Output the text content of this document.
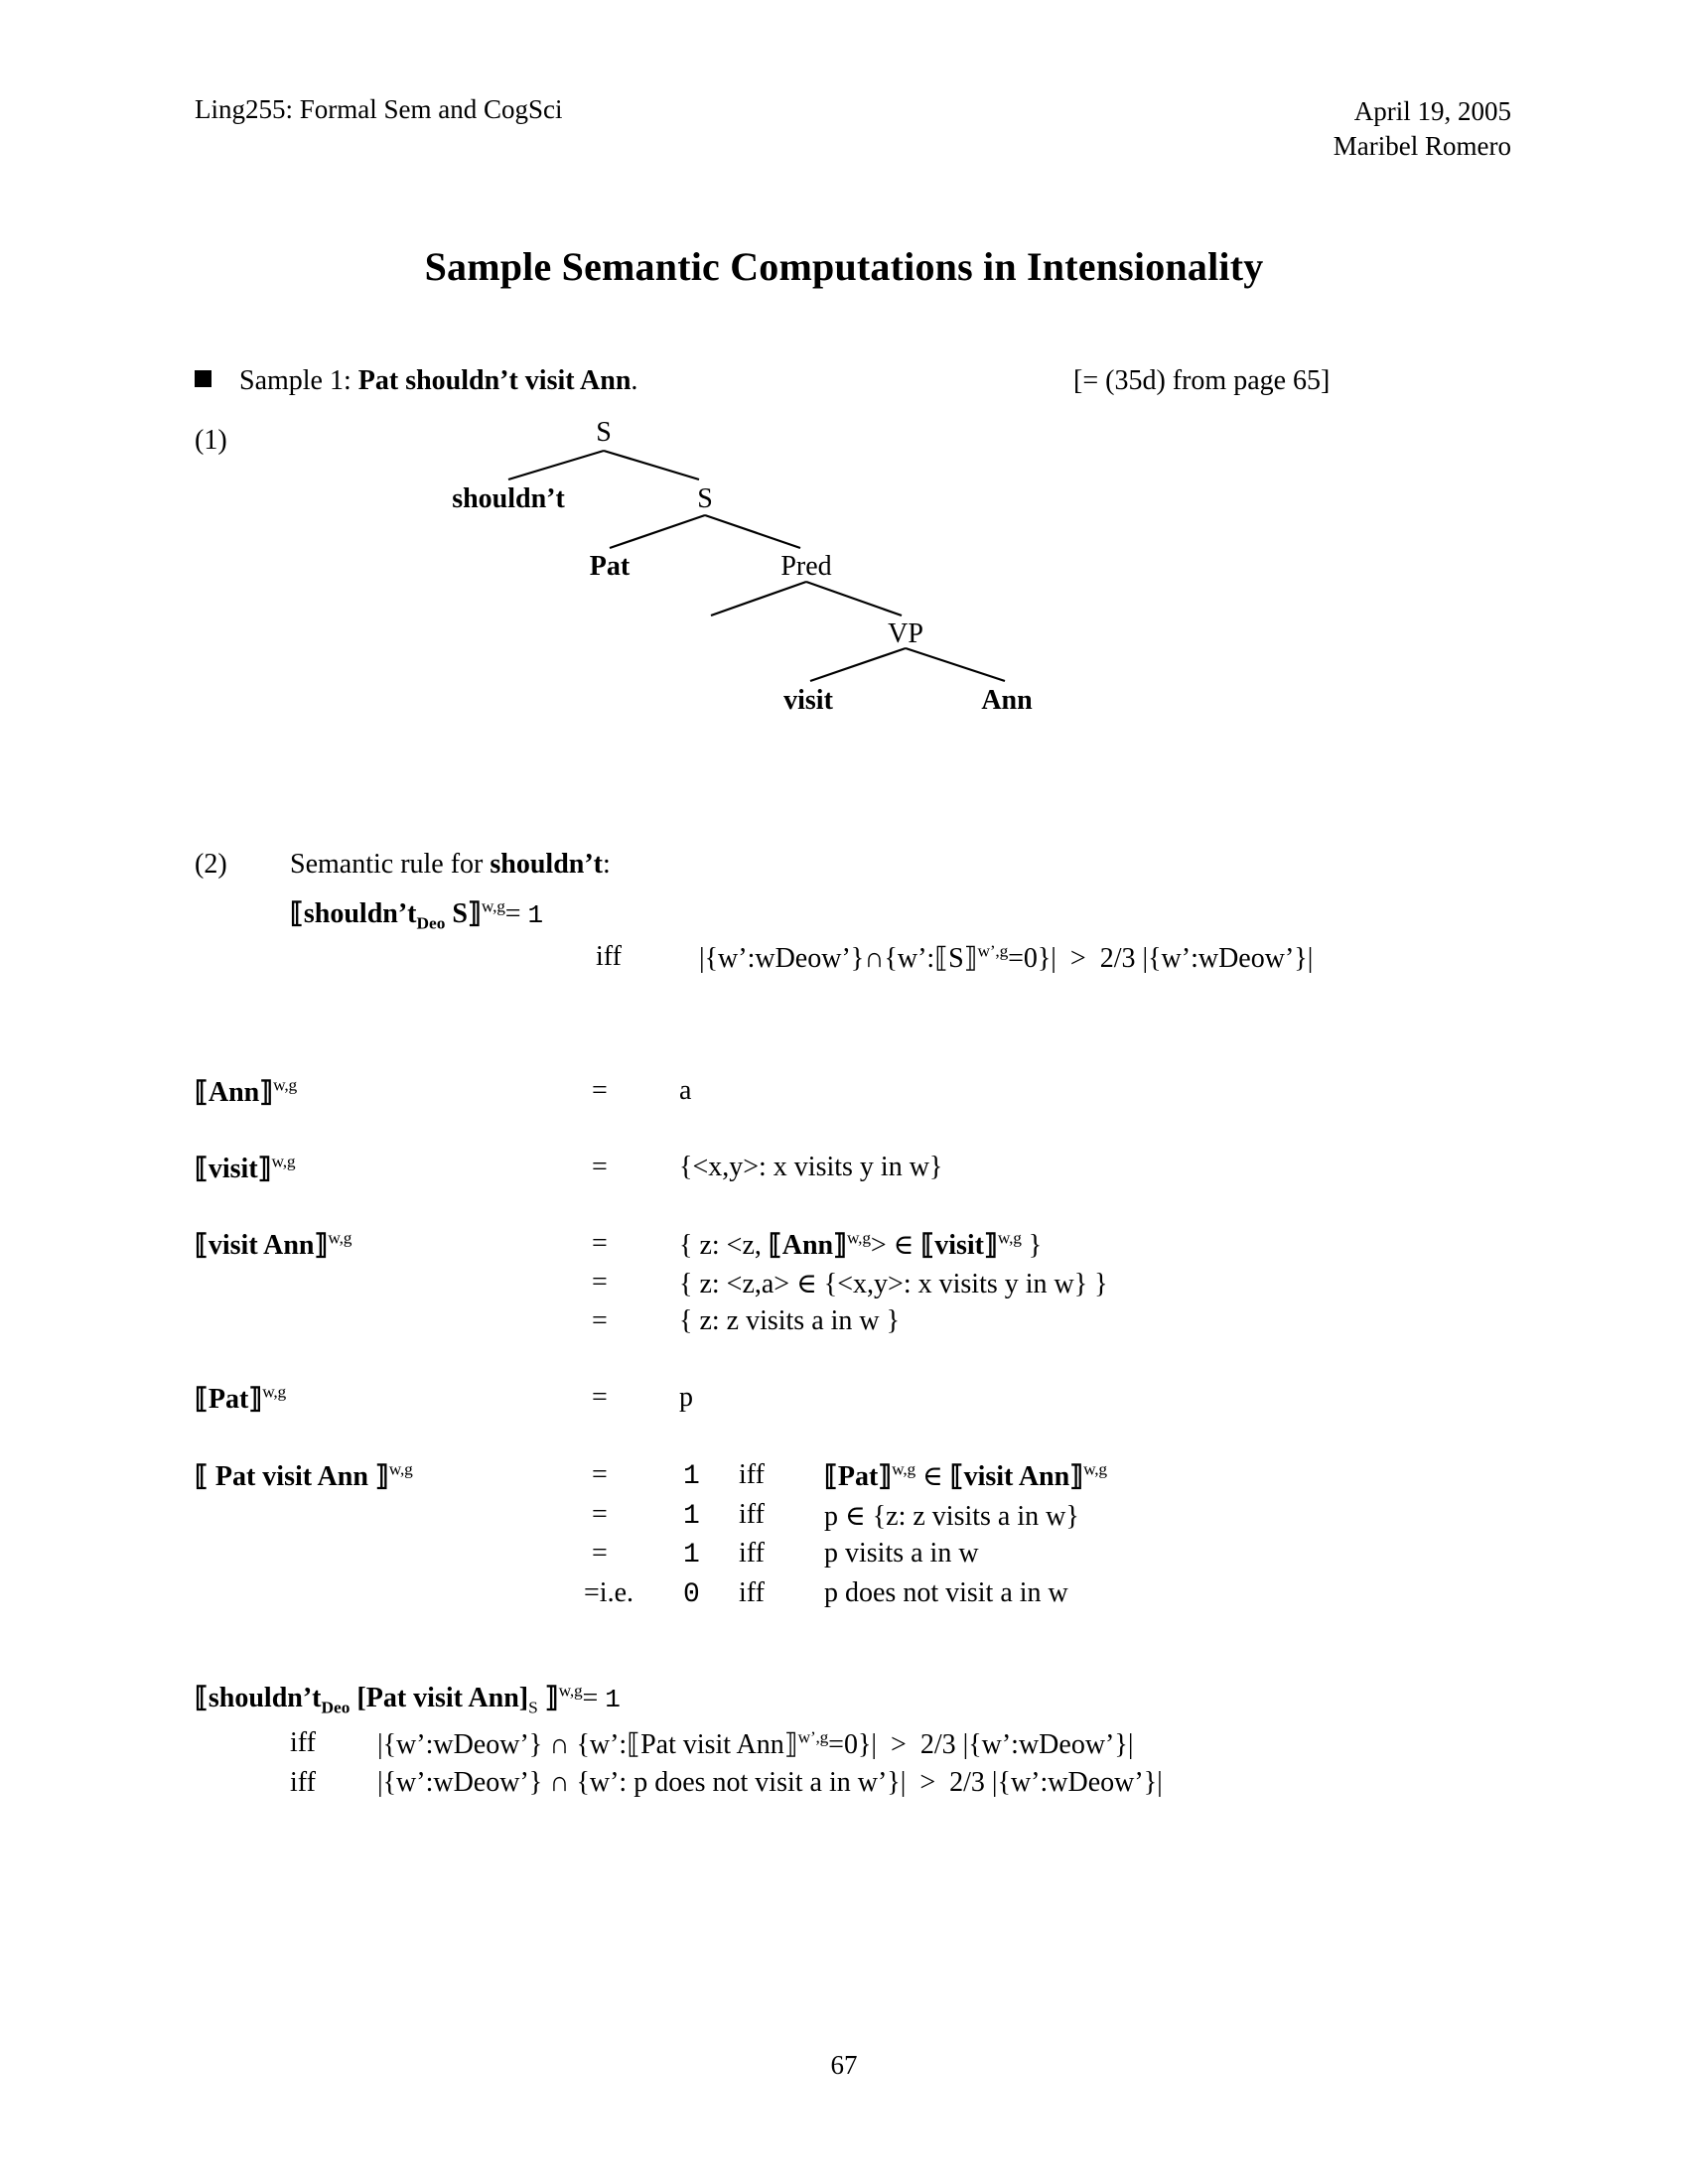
Ling255: Formal Sem and CogSci	April 19, 2005
Maribel Romero
Sample Semantic Computations in Intensionality
Sample 1: Pat shouldn’t visit Ann.	[= (35d) from page 65]
(1)	S
shouldn’t	S
Pat	Pred
VP
visit	Ann
(2) Semantic rule for shouldn’t:
$⟦shouldn’t_{Deo}$ S⟧$^{w,g}$= 1
iff	|{w’:wDeow’}∩{w’:⟦S⟧$^{w’,g}$=0}| > 2/3 |{w’:wDeow’}|
⟦Ann⟧$^{w,g}$	=	a
⟦visit⟧$^{w,g}$	=	{<x,y>: x visits y in w}
⟦visit Ann⟧$^{w,g}$	=	{ z: <z, ⟦Ann⟧$^{w,g}$> ∈ ⟦visit⟧$^{w,g}$ }
=	{ z: <z,a> ∈ {<x,y>: x visits y in w} }
=	{ z: z visits a in w }
⟦Pat⟧$^{w,g}$	=	p
⟦ Pat visit Ann ⟧$^{w,g}$	=	1 iff ⟦Pat⟧$^{w,g}$ ∈ ⟦visit Ann⟧$^{w,g}$
=	1 iff p ∈ {z: z visits a in w}
=	1 iff p visits a in w
=i.e. 0 iff p does not visit a in w
$⟦shouldn’t_{Deo}$ [Pat visit $Ann]_S$ ⟧$^{w,g}$= 1
iff |{w’:wDeow’} ∩ {w’:⟦Pat visit Ann⟧$^{w’,g}$=0}| > 2/3 |{w’:wDeow’}|
iff |{w’:wDeow’} ∩ {w’: p does not visit a in w’}| > 2/3 |{w’:wDeow’}|
67
